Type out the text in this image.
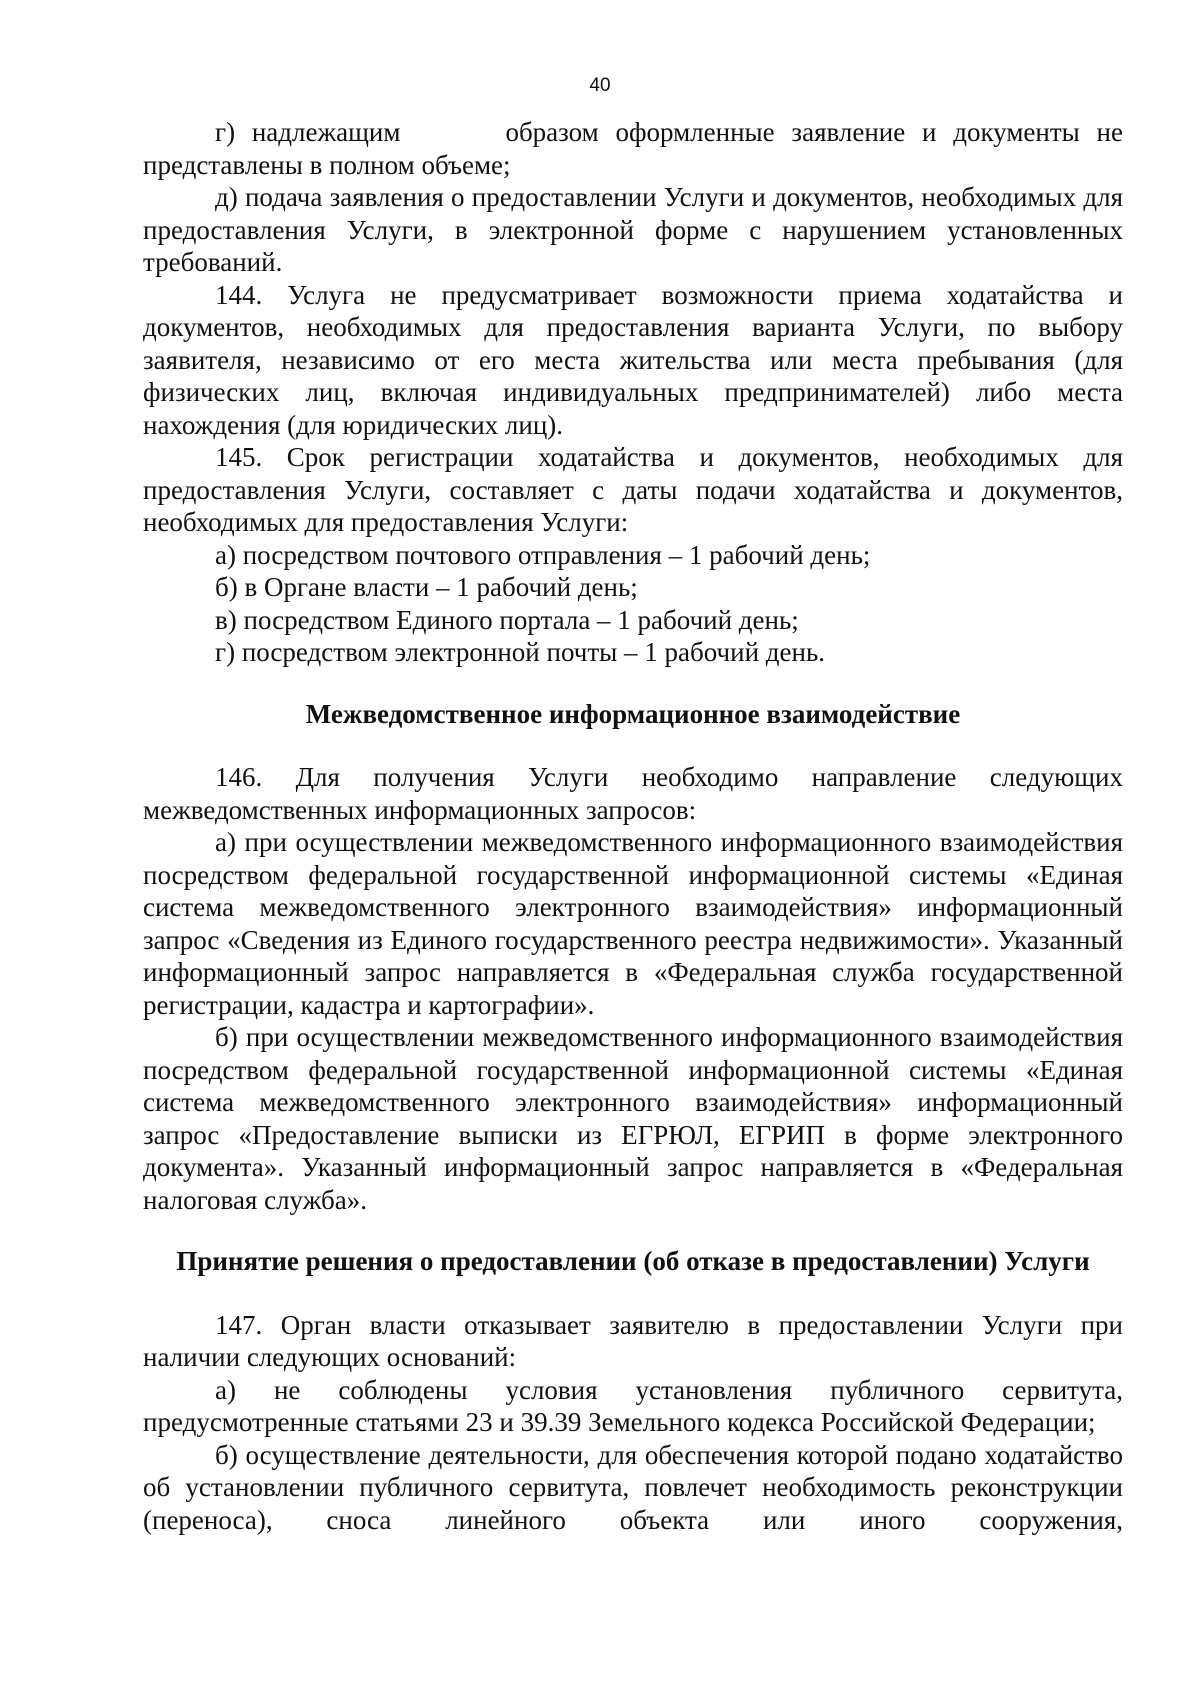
40

г) надлежащим	образом оформленные заявление и документы не представлены в полном объеме;

д) подача заявления о предоставлении Услуги и документов, необходимых для предоставления Услуги, в электронной форме с нарушением установленных требований.

144. Услуга не предусматривает возможности приема ходатайства и документов, необходимых для предоставления варианта Услуги, по выбору заявителя, независимо от его места жительства или места пребывания (для физических лиц, включая индивидуальных предпринимателей) либо места нахождения (для юридических лиц).

145. Срок регистрации ходатайства и документов, необходимых для предоставления Услуги, составляет с даты подачи ходатайства и документов, необходимых для предоставления Услуги:

а) посредством почтового отправления – 1 рабочий день;

б) в Органе власти – 1 рабочий день;

в) посредством Единого портала – 1 рабочий день;

г) посредством электронной почты – 1 рабочий день.

Межведомственное информационное взаимодействие

146. Для получения Услуги необходимо направление следующих межведомственных информационных запросов:

а) при осуществлении межведомственного информационного взаимодействия посредством федеральной государственной информационной системы «Единая система межведомственного электронного взаимодействия» информационный запрос «Сведения из Единого государственного реестра недвижимости». Указанный информационный запрос направляется в «Федеральная служба государственной регистрации, кадастра и картографии».

б) при осуществлении межведомственного информационного взаимодействия посредством федеральной государственной информационной системы «Единая система межведомственного электронного взаимодействия» информационный запрос «Предоставление выписки из ЕГРЮЛ, ЕГРИП в форме электронного документа». Указанный информационный запрос направляется в «Федеральная налоговая служба».

Принятие решения о предоставлении (об отказе в предоставлении) Услуги

147. Орган власти отказывает заявителю в предоставлении Услуги при наличии следующих оснований:

а) не соблюдены условия установления публичного сервитута, предусмотренные статьями 23 и 39.39 Земельного кодекса Российской Федерации;

б) осуществление деятельности, для обеспечения которой подано ходатайство об установлении публичного сервитута, повлечет необходимость реконструкции (переноса), сноса линейного объекта или иного сооружения,
